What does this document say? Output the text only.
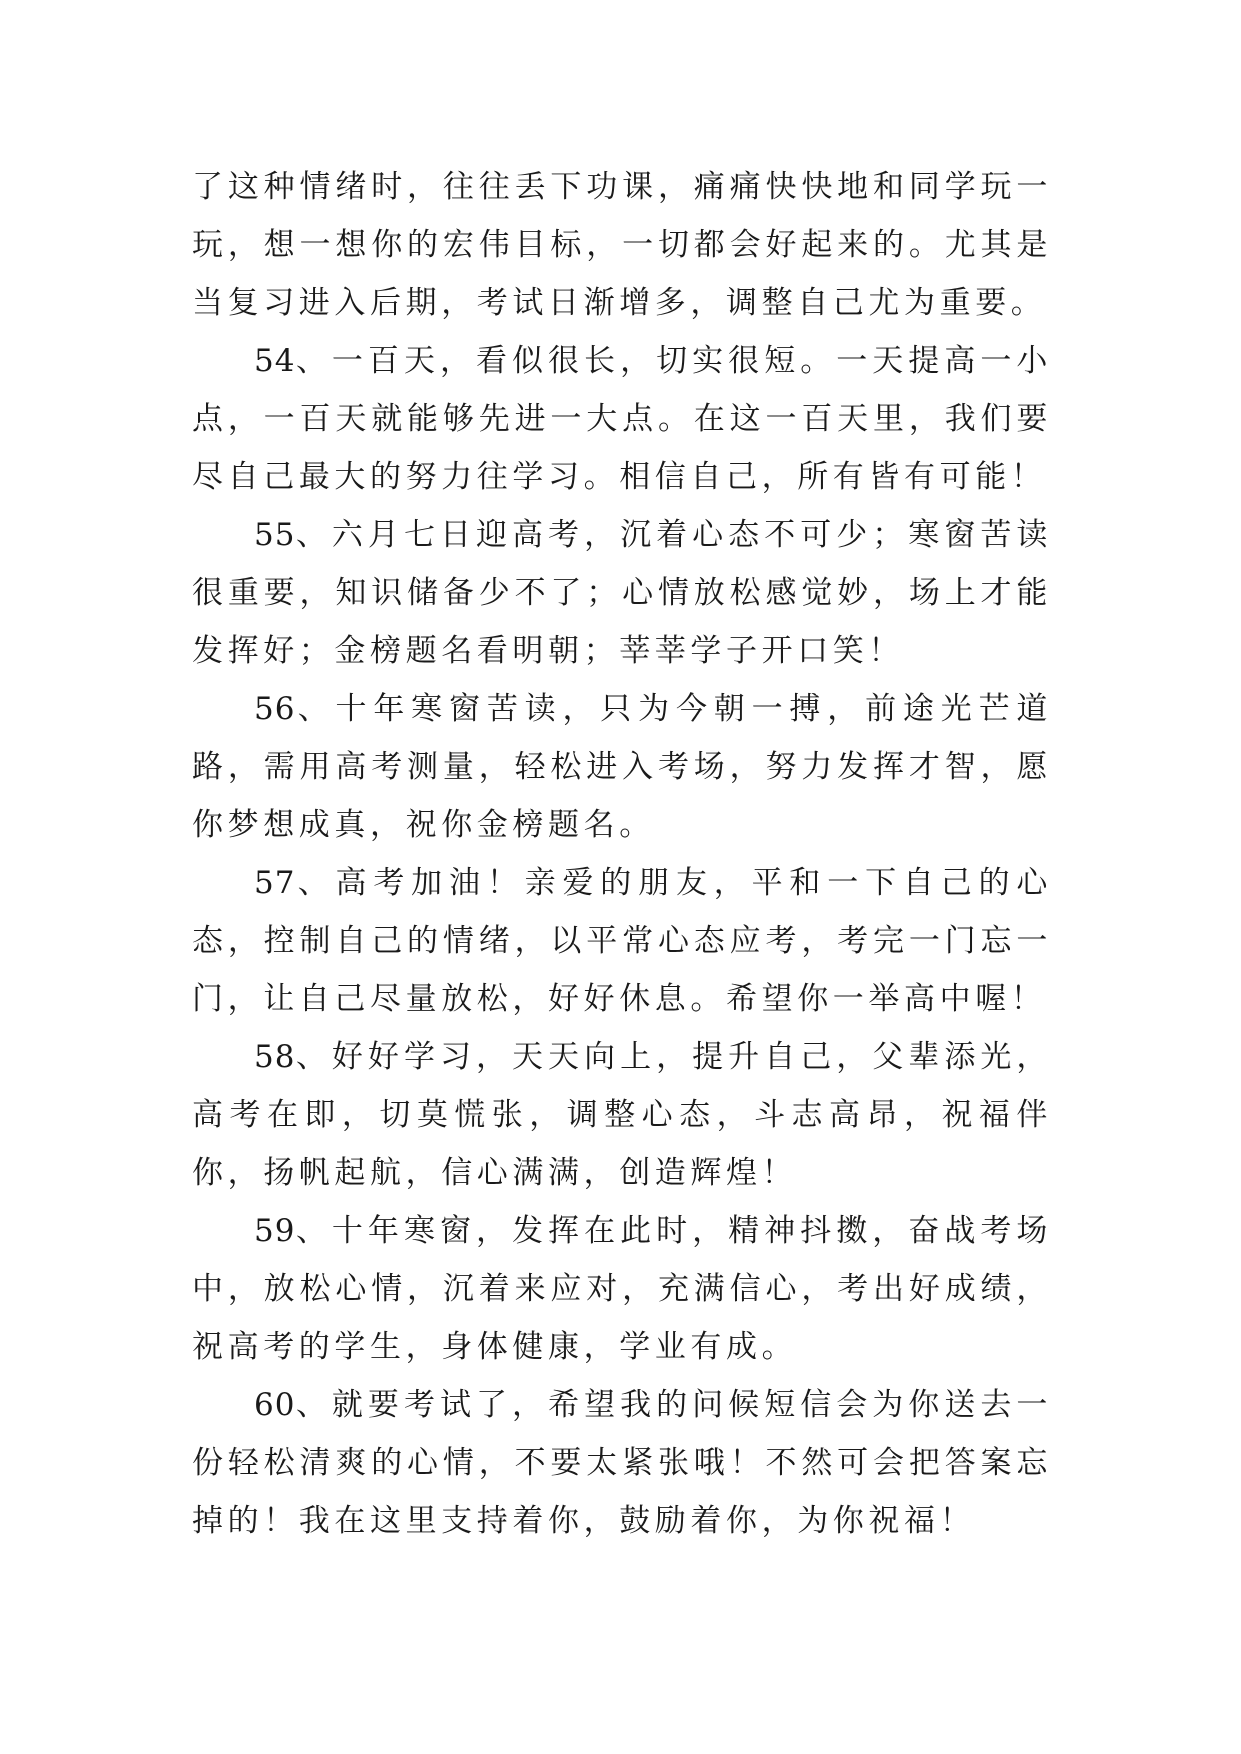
了这种情绪时，往往丢下功课，痛痛快快地和同学玩一玩，想一想你的宏伟目标，一切都会好起来的。尤其是当复习进入后期，考试日渐增多，调整自己尤为重要。

54、一百天，看似很长，切实很短。一天提高一小点，一百天就能够先进一大点。在这一百天里，我们要尽自己最大的努力往学习。相信自己，所有皆有可能！

55、六月七日迎高考，沉着心态不可少；寒窗苦读很重要，知识储备少不了；心情放松感觉妙，场上才能发挥好；金榜题名看明朝；莘莘学子开口笑！

56、十年寒窗苦读，只为今朝一搏，前途光芒道路，需用高考测量，轻松进入考场，努力发挥才智，愿你梦想成真，祝你金榜题名。

57、高考加油！亲爱的朋友，平和一下自己的心态，控制自己的情绪，以平常心态应考，考完一门忘一门，让自己尽量放松，好好休息。希望你一举高中喔！

58、好好学习，天天向上，提升自己，父辈添光，高考在即，切莫慌张，调整心态，斗志高昂，祝福伴你，扬帆起航，信心满满，创造辉煌！

59、十年寒窗，发挥在此时，精神抖擞，奋战考场中，放松心情，沉着来应对，充满信心，考出好成绩，祝高考的学生，身体健康，学业有成。

60、就要考试了，希望我的问候短信会为你送去一份轻松清爽的心情，不要太紧张哦！不然可会把答案忘掉的！我在这里支持着你，鼓励着你，为你祝福！
